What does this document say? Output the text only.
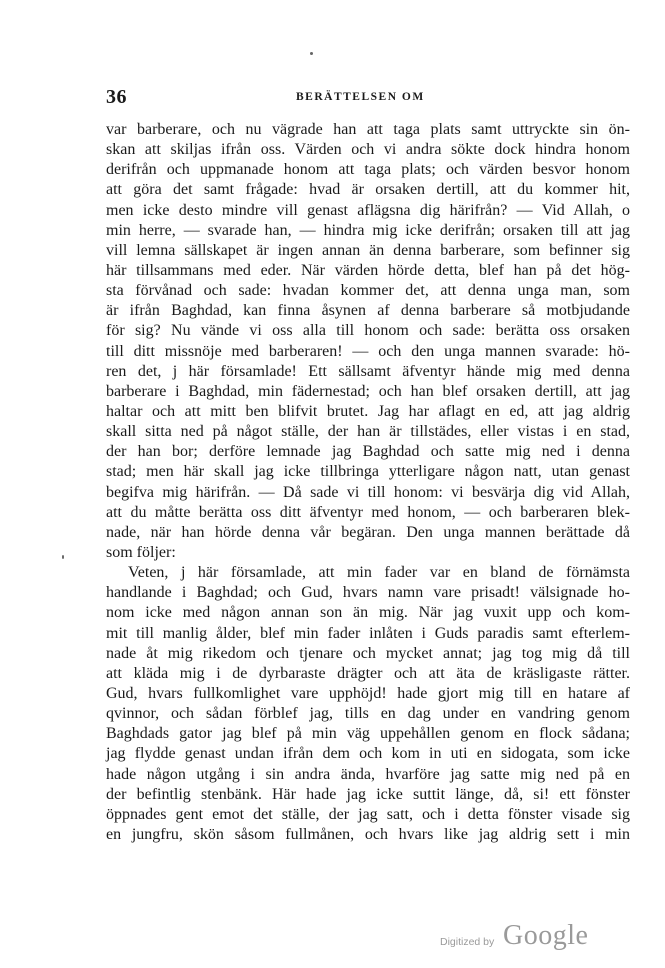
36	BERÄTTELSEN OM
var barberare, och nu vägrade han att taga plats samt uttryckte sin ön-
skan att skiljas ifrån oss. Värden och vi andra sökte dock hindra honom
derifrån och uppmanade honom att taga plats; och värden besvor honom
att göra det samt frågade: hvad är orsaken dertill, att du kommer hit,
men icke desto mindre vill genast aflägsna dig härifrån? — Vid Allah, o
min herre, — svarade han, — hindra mig icke derifrån; orsaken till att jag
vill lemna sällskapet är ingen annan än denna barberare, som befinner sig
här tillsammans med eder. När värden hörde detta, blef han på det hög-
sta förvånad och sade: hvadan kommer det, att denna unga man, som
är ifrån Baghdad, kan finna åsynen af denna barberare så motbjudande
för sig? Nu vände vi oss alla till honom och sade: berätta oss orsaken
till ditt missnöje med barberaren! — och den unga mannen svarade: hö-
ren det, j här församlade! Ett sällsamt äfventyr hände mig med denna
barberare i Baghdad, min fädernestad; och han blef orsaken dertill, att jag
haltar och att mitt ben blifvit brutet. Jag har aflagt en ed, att jag aldrig
skall sitta ned på något ställe, der han är tillstädes, eller vistas i en stad,
der han bor; derföre lemnade jag Baghdad och satte mig ned i denna
stad; men här skall jag icke tillbringa ytterligare någon natt, utan genast
begifva mig härifrån. — Då sade vi till honom: vi besvärja dig vid Allah,
att du måtte berätta oss ditt äfventyr med honom, — och barberaren blek-
nade, när han hörde denna vår begäran. Den unga mannen berättade då
som följer:
Veten, j här församlade, att min fader var en bland de förnämsta
handlande i Baghdad; och Gud, hvars namn vare prisadt! välsignade ho-
nom icke med någon annan son än mig. När jag vuxit upp och kom-
mit till manlig ålder, blef min fader inlåten i Guds paradis samt efterlem-
nade åt mig rikedom och tjenare och mycket annat; jag tog mig då till
att kläda mig i de dyrbaraste drägter och att äta de kräsligaste rätter.
Gud, hvars fullkomlighet vare upphöjd! hade gjort mig till en hatare af
qvinnor, och sådan förblef jag, tills en dag under en vandring genom
Baghdads gator jag blef på min väg uppehållen genom en flock sådana;
jag flydde genast undan ifrån dem och kom in uti en sidogata, som icke
hade någon utgång i sin andra ända, hvarföre jag satte mig ned på en
der befintlig stenbänk. Här hade jag icke suttit länge, då, si! ett fönster
öppnades gent emot det ställe, der jag satt, och i detta fönster visade sig
en jungfru, skön såsom fullmånen, och hvars like jag aldrig sett i min
Digitized by Google
